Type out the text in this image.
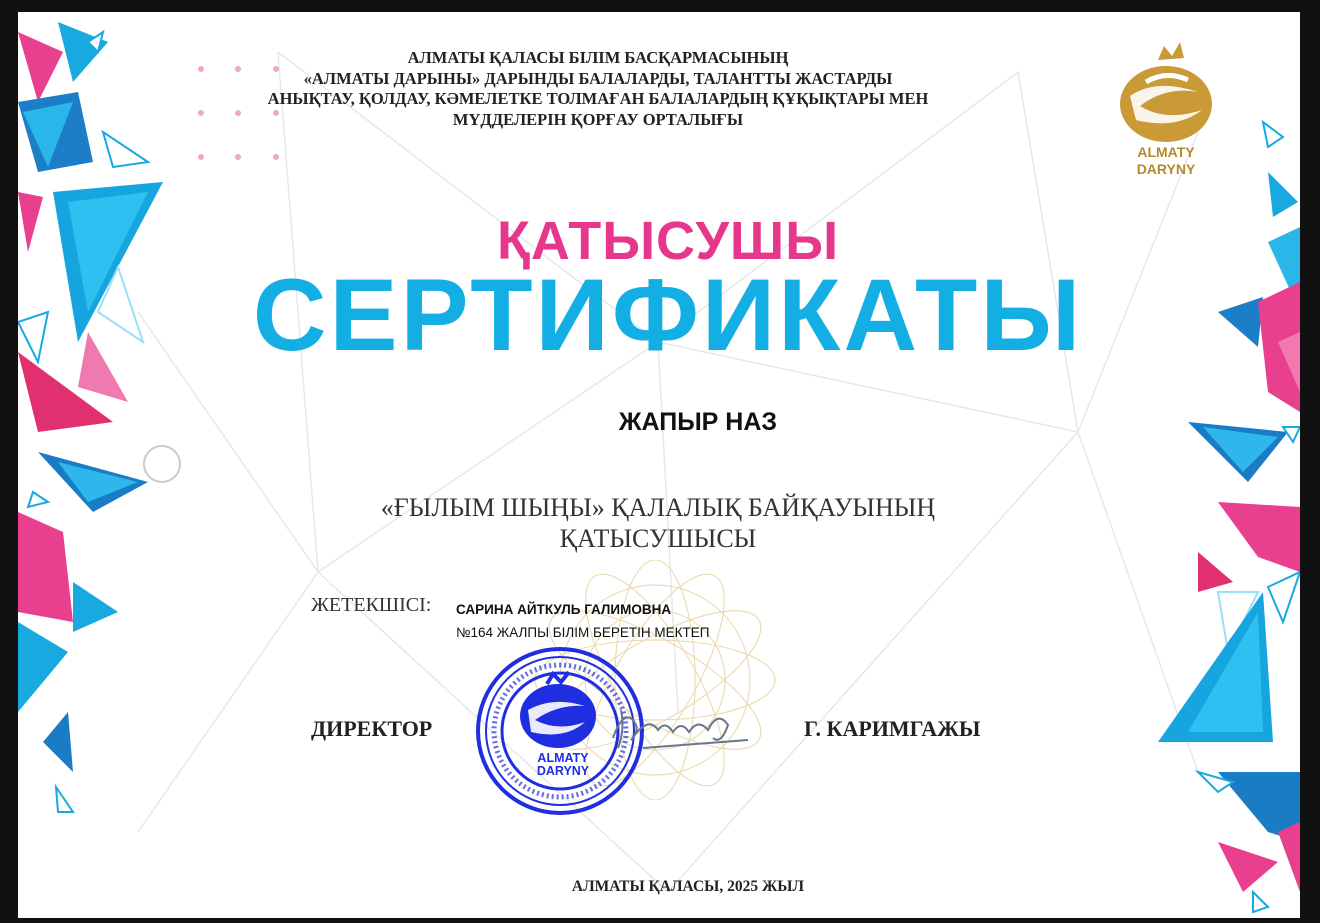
АЛМАТЫ ҚАЛАСЫ БІЛІМ БАСҚАРМАСЫНЫҢ
«АЛМАТЫ ДАРЫНЫ» ДАРЫНДЫ БАЛАЛАРДЫ, ТАЛАНТТЫ ЖАСТАРДЫ
АНЫҚТАУ, ҚОЛДАУ, КӘМЕЛЕТКЕ ТОЛМАҒАН БАЛАЛАРДЫҢ ҚҰҚЫҚТАРЫ МЕН
МҮДДЕЛЕРІН ҚОРҒАУ ОРТАЛЫҒЫ
ALMATY
DARYNY
ҚАТЫСУШЫ
СЕРТИФИКАТЫ
ЖАПЫР НАЗ
«ҒЫЛЫМ ШЫҢЫ» ҚАЛАЛЫҚ БАЙҚАУЫНЫҢ
ҚАТЫСУШЫСЫ
ЖЕТЕКШІСІ: САРИНА АЙТКУЛЬ ГАЛИМОВНА
№164 ЖАЛПЫ БІЛІМ БЕРЕТІН МЕКТЕП
ALMATY
DARYNY
ДИРЕКТОР	Г. КАРИМГАЖЫ
АЛМАТЫ ҚАЛАСЫ, 2025 ЖЫЛ
